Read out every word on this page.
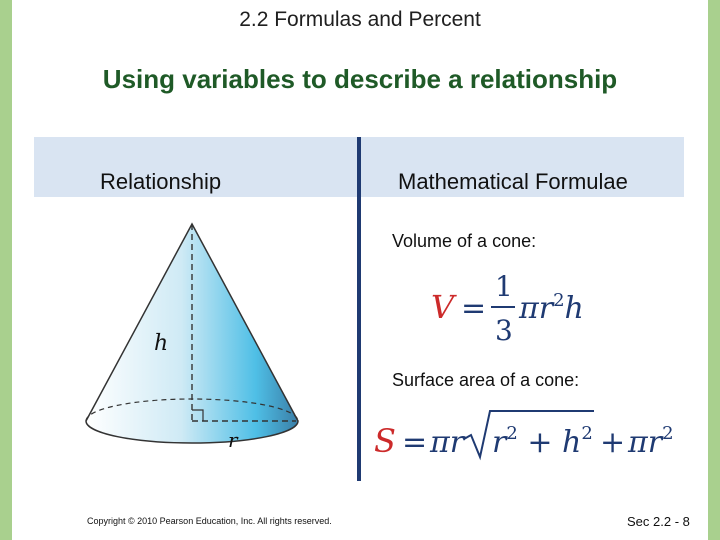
2.2 Formulas and Percent
Using variables to describe a relationship
Relationship	Mathematical Formulae
h
r
Volume of a cone:
V =
1
3
$\pi r^2h$
Surface area of a cone:
S = πr $r^2 + h^2 + \pi r^2$
Copyright © 2010 Pearson Education, Inc. All rights reserved.	Sec 2.2 - 8
